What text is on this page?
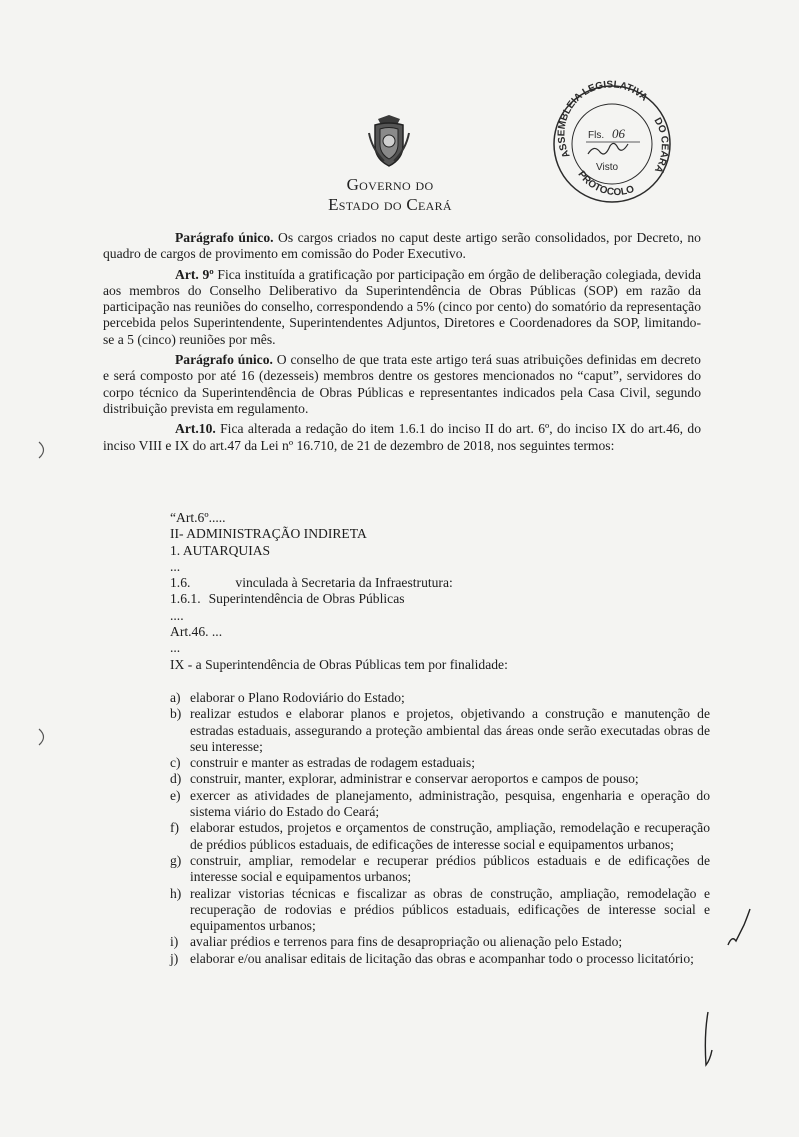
Governo do
Estado do Ceará
ASSEMBLEIA LEGISLATIVA
DO CEARÁ
PROTOCOLO
Fls. 06
Visto

Parágrafo único. Os cargos criados no caput deste artigo serão consolidados, por Decreto, no quadro de cargos de provimento em comissão do Poder Executivo.

Art. 9º Fica instituída a gratificação por participação em órgão de deliberação colegiada, devida aos membros do Conselho Deliberativo da Superintendência de Obras Públicas (SOP) em razão da participação nas reuniões do conselho, correspondendo a 5% (cinco por cento) do somatório da representação percebida pelos Superintendente, Superintendentes Adjuntos, Diretores e Coordenadores da SOP, limitando-se a 5 (cinco) reuniões por mês.

Parágrafo único. O conselho de que trata este artigo terá suas atribuições definidas em decreto e será composto por até 16 (dezesseis) membros dentre os gestores mencionados no “caput”, servidores do corpo técnico da Superintendência de Obras Públicas e representantes indicados pela Casa Civil, segundo distribuição prevista em regulamento.

Art.10. Fica alterada a redação do item 1.6.1 do inciso II do art. 6º, do inciso IX do art.46, do inciso VIII e IX do art.47 da Lei nº 16.710, de 21 de dezembro de 2018, nos seguintes termos:

“Art.6º.....
II- ADMINISTRAÇÃO INDIRETA
1. AUTARQUIAS
...
1.6.	vinculada à Secretaria da Infraestrutura:
1.6.1. Superintendência de Obras Públicas
....
Art.46. ...
...
IX - a Superintendência de Obras Públicas tem por finalidade:
a) elaborar o Plano Rodoviário do Estado;
b) realizar estudos e elaborar planos e projetos, objetivando a construção e manutenção de estradas estaduais, assegurando a proteção ambiental das áreas onde serão executadas obras de seu interesse;
c) construir e manter as estradas de rodagem estaduais;
d) construir, manter, explorar, administrar e conservar aeroportos e campos de pouso;
e) exercer as atividades de planejamento, administração, pesquisa, engenharia e operação do sistema viário do Estado do Ceará;
f) elaborar estudos, projetos e orçamentos de construção, ampliação, remodelação e recuperação de prédios públicos estaduais, de edificações de interesse social e equipamentos urbanos;
g) construir, ampliar, remodelar e recuperar prédios públicos estaduais e de edificações de interesse social e equipamentos urbanos;
h) realizar vistorias técnicas e fiscalizar as obras de construção, ampliação, remodelação e recuperação de rodovias e prédios públicos estaduais, edificações de interesse social e equipamentos urbanos;
i) avaliar prédios e terrenos para fins de desapropriação ou alienação pelo Estado;
j) elaborar e/ou analisar editais de licitação das obras e acompanhar todo o processo licitatório;
